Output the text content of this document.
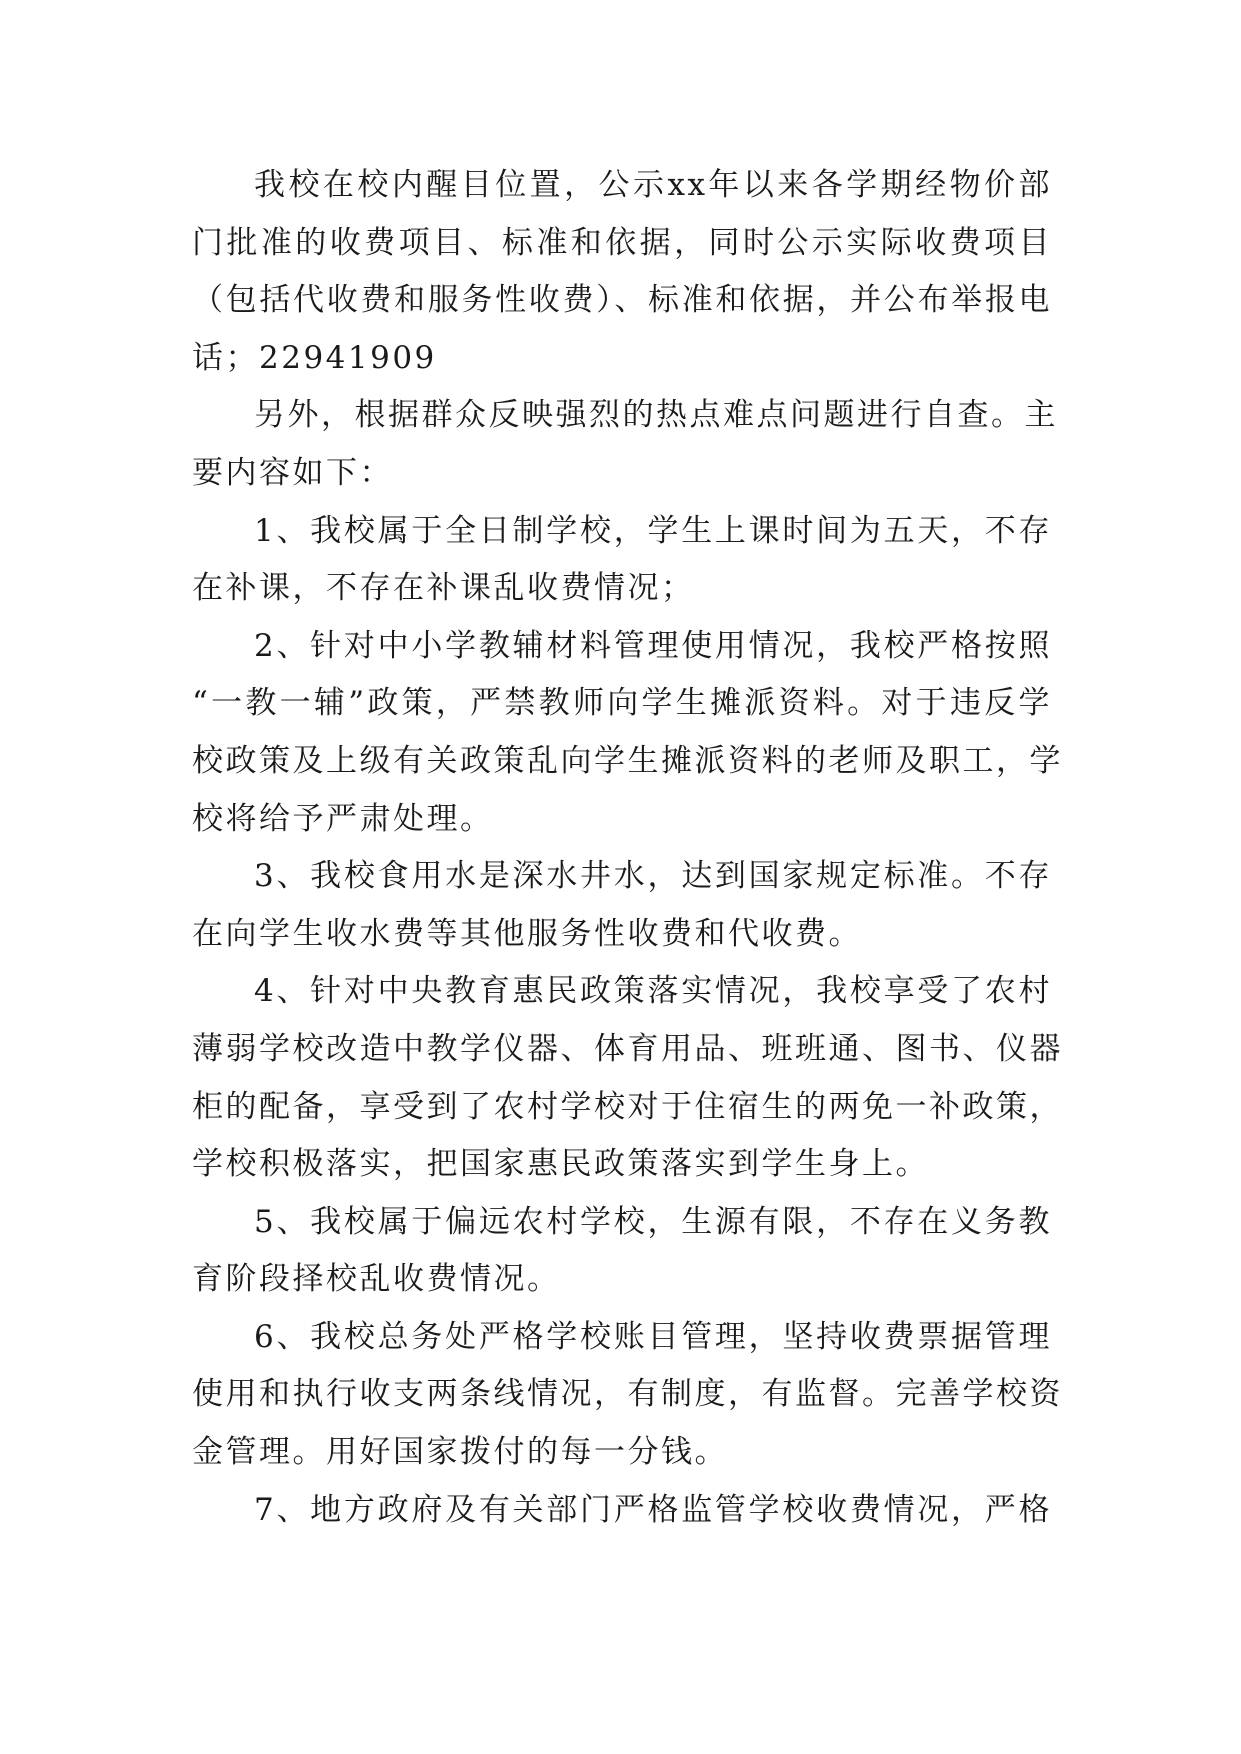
我校在校内醒目位置，公示xx年以来各学期经物价部
门批准的收费项目、标准和依据，同时公示实际收费项目
（包括代收费和服务性收费）、标准和依据，并公布举报电
话；22941909
另外，根据群众反映强烈的热点难点问题进行自查。主
要内容如下：
1、我校属于全日制学校，学生上课时间为五天，不存
在补课，不存在补课乱收费情况；
2、针对中小学教辅材料管理使用情况，我校严格按照
“一教一辅”政策，严禁教师向学生摊派资料。对于违反学
校政策及上级有关政策乱向学生摊派资料的老师及职工，学
校将给予严肃处理。
3、我校食用水是深水井水，达到国家规定标准。不存
在向学生收水费等其他服务性收费和代收费。
4、针对中央教育惠民政策落实情况，我校享受了农村
薄弱学校改造中教学仪器、体育用品、班班通、图书、仪器
柜的配备，享受到了农村学校对于住宿生的两免一补政策，
学校积极落实，把国家惠民政策落实到学生身上。
5、我校属于偏远农村学校，生源有限，不存在义务教
育阶段择校乱收费情况。
6、我校总务处严格学校账目管理，坚持收费票据管理
使用和执行收支两条线情况，有制度，有监督。完善学校资
金管理。用好国家拨付的每一分钱。
7、地方政府及有关部门严格监管学校收费情况，严格
